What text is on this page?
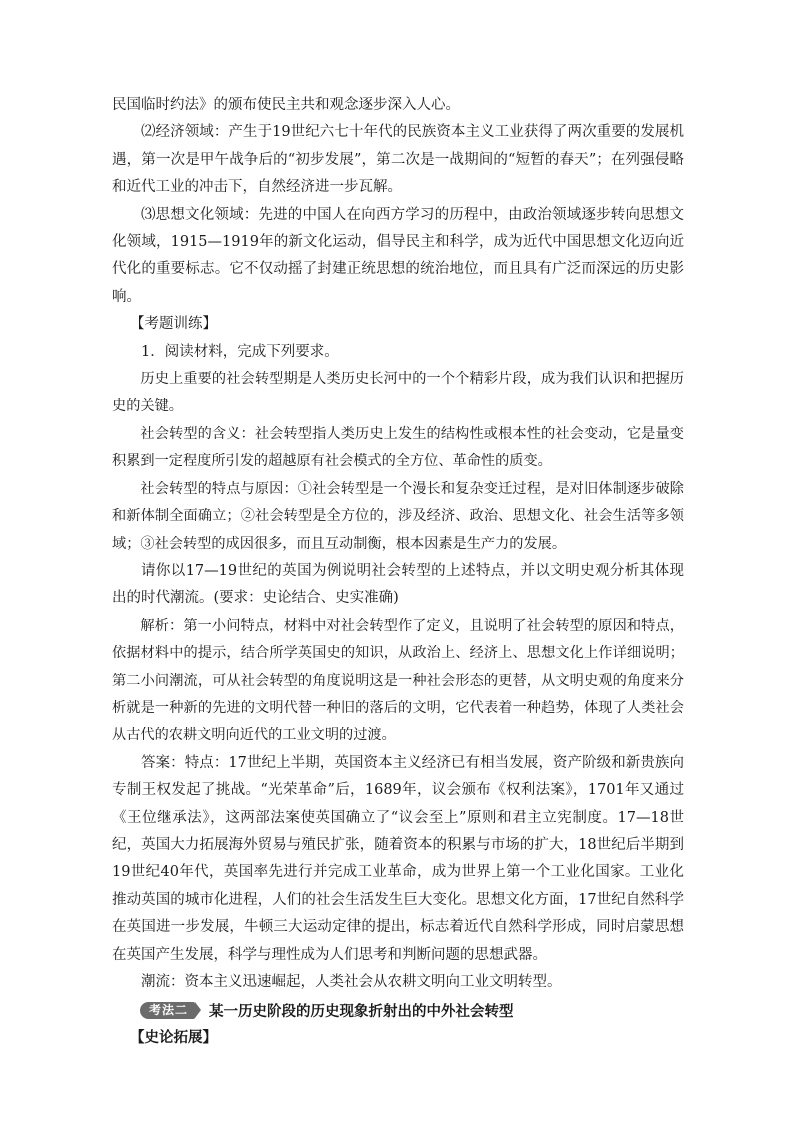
民国临时约法》的颁布使民主共和观念逐步深入人心。

⑵经济领域：产生于19世纪六七十年代的民族资本主义工业获得了两次重要的发展机遇，第一次是甲午战争后的“初步发展”，第二次是一战期间的“短暂的春天”；在列强侵略和近代工业的冲击下，自然经济进一步瓦解。

⑶思想文化领域：先进的中国人在向西方学习的历程中，由政治领域逐步转向思想文化领域，1915—1919年的新文化运动，倡导民主和科学，成为近代中国思想文化迈向近代化的重要标志。它不仅动摇了封建正统思想的统治地位，而且具有广泛而深远的历史影响。

【考题训练】

1．阅读材料，完成下列要求。

历史上重要的社会转型期是人类历史长河中的一个个精彩片段，成为我们认识和把握历史的关键。

社会转型的含义：社会转型指人类历史上发生的结构性或根本性的社会变动，它是量变积累到一定程度所引发的超越原有社会模式的全方位、革命性的质变。

社会转型的特点与原因：①社会转型是一个漫长和复杂变迁过程，是对旧体制逐步破除和新体制全面确立；②社会转型是全方位的，涉及经济、政治、思想文化、社会生活等多领域；③社会转型的成因很多，而且互动制衡，根本因素是生产力的发展。

请你以17—19世纪的英国为例说明社会转型的上述特点，并以文明史观分析其体现出的时代潮流。(要求：史论结合、史实准确)

解析：第一小问特点，材料中对社会转型作了定义，且说明了社会转型的原因和特点，依据材料中的提示，结合所学英国史的知识，从政治上、经济上、思想文化上作详细说明；第二小问潮流，可从社会转型的角度说明这是一种社会形态的更替，从文明史观的角度来分析就是一种新的先进的文明代替一种旧的落后的文明，它代表着一种趋势，体现了人类社会从古代的农耕文明向近代的工业文明的过渡。

答案：特点：17世纪上半期，英国资本主义经济已有相当发展，资产阶级和新贵族向专制王权发起了挑战。“光荣革命”后，1689年，议会颁布《权利法案》，1701年又通过《王位继承法》，这两部法案使英国确立了“议会至上”原则和君主立宪制度。17—18世纪，英国大力拓展海外贸易与殖民扩张，随着资本的积累与市场的扩大，18世纪后半期到19世纪40年代，英国率先进行并完成工业革命，成为世界上第一个工业化国家。工业化推动英国的城市化进程，人们的社会生活发生巨大变化。思想文化方面，17世纪自然科学在英国进一步发展，牛顿三大运动定律的提出，标志着近代自然科学形成，同时启蒙思想在英国产生发展，科学与理性成为人们思考和判断问题的思想武器。

潮流：资本主义迅速崛起，人类社会从农耕文明向工业文明转型。

考法二	某一历史阶段的历史现象折射出的中外社会转型

【史论拓展】
